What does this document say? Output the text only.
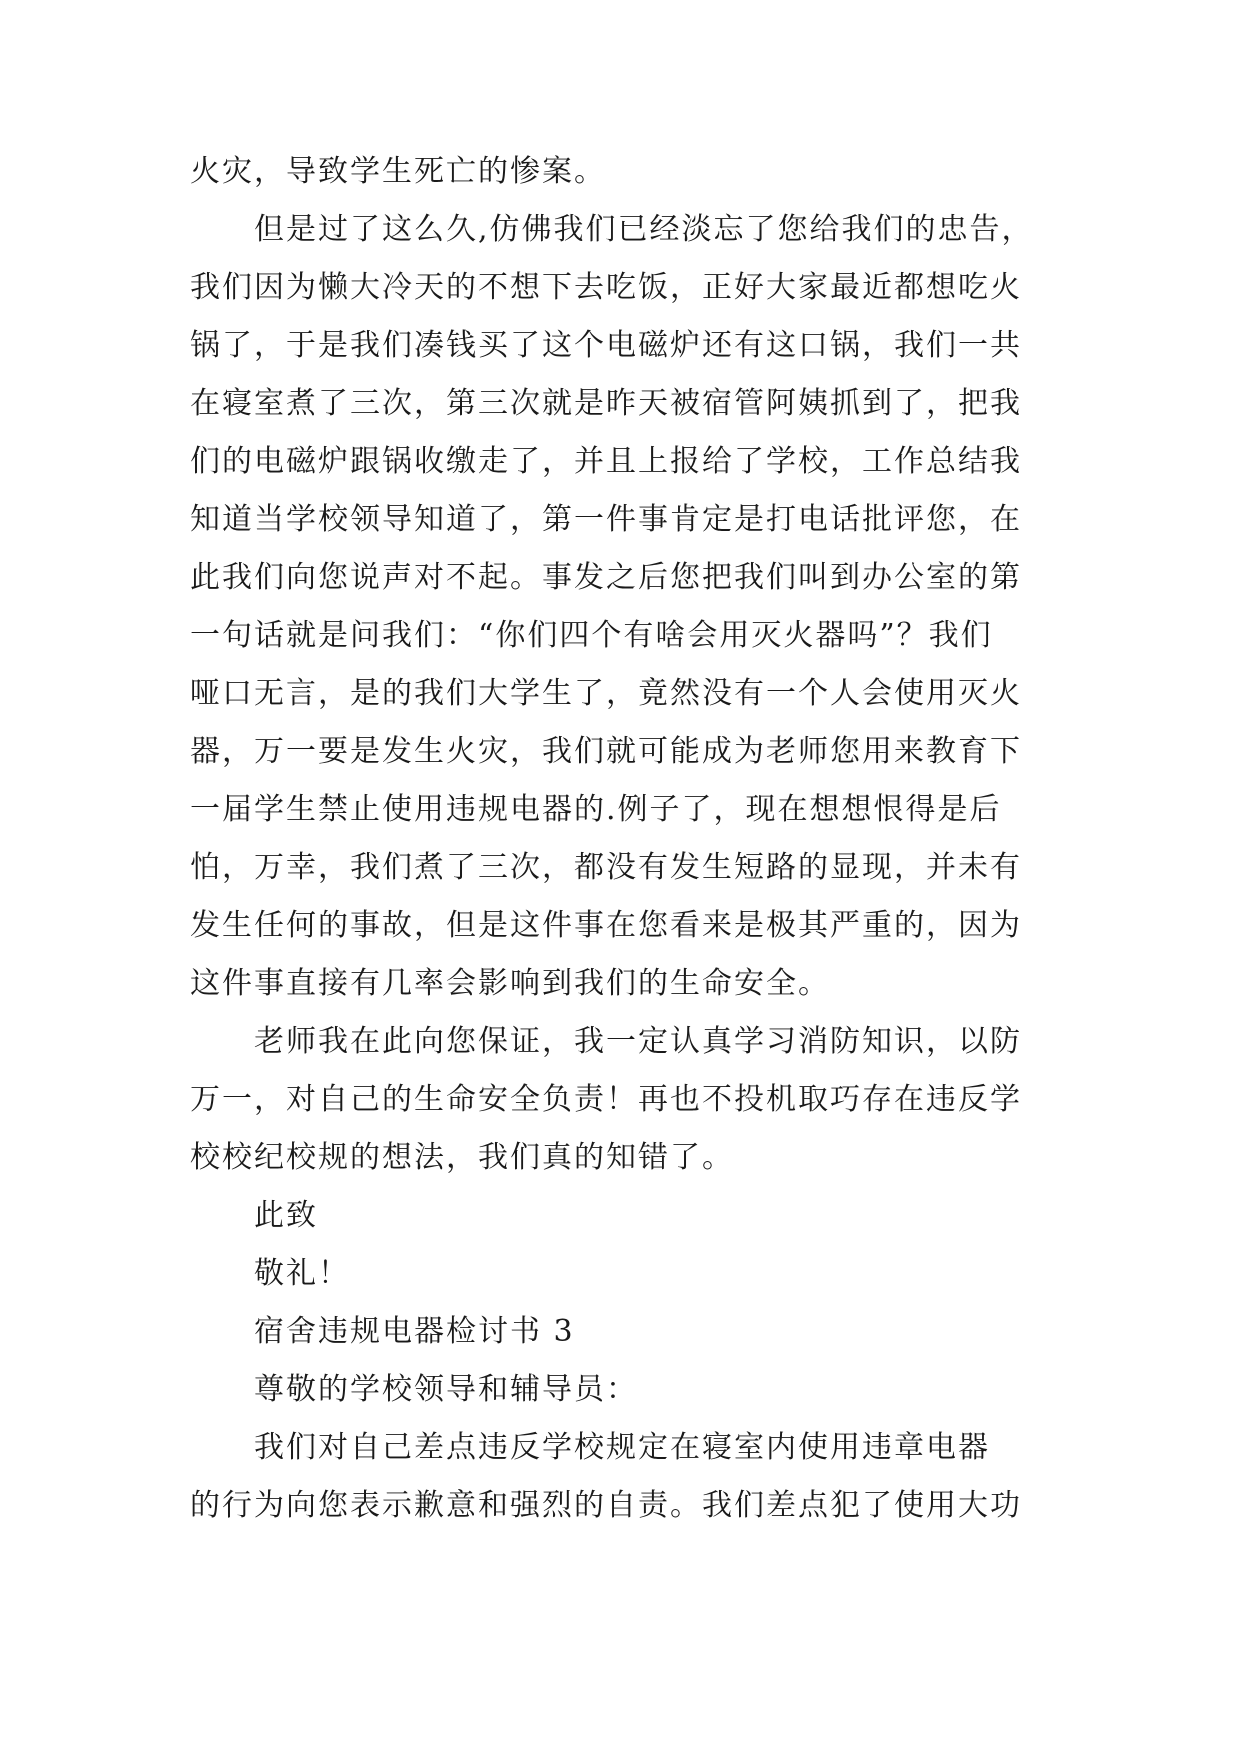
火灾，导致学生死亡的惨案。
但是过了这么久,仿佛我们已经淡忘了您给我们的忠告，
我们因为懒大冷天的不想下去吃饭，正好大家最近都想吃火
锅了，于是我们凑钱买了这个电磁炉还有这口锅，我们一共
在寝室煮了三次，第三次就是昨天被宿管阿姨抓到了，把我
们的电磁炉跟锅收缴走了，并且上报给了学校，工作总结我
知道当学校领导知道了，第一件事肯定是打电话批评您，在
此我们向您说声对不起。事发之后您把我们叫到办公室的第
一句话就是问我们：“你们四个有啥会用灭火器吗”？我们
哑口无言，是的我们大学生了，竟然没有一个人会使用灭火
器，万一要是发生火灾，我们就可能成为老师您用来教育下
一届学生禁止使用违规电器的.例子了，现在想想恨得是后
怕，万幸，我们煮了三次，都没有发生短路的显现，并未有
发生任何的事故，但是这件事在您看来是极其严重的，因为
这件事直接有几率会影响到我们的生命安全。
老师我在此向您保证，我一定认真学习消防知识，以防
万一，对自己的生命安全负责！再也不投机取巧存在违反学
校校纪校规的想法，我们真的知错了。
此致
敬礼！
宿舍违规电器检讨书 3
尊敬的学校领导和辅导员：
我们对自己差点违反学校规定在寝室内使用违章电器
的行为向您表示歉意和强烈的自责。我们差点犯了使用大功
